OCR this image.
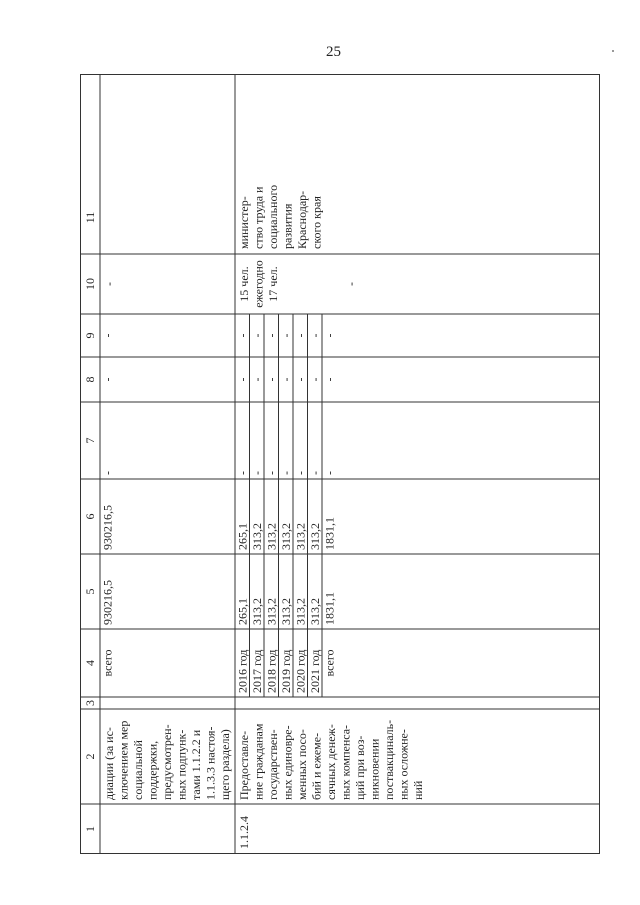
25
1
2
3
4
5
6
7
8
9
10
11
диации (за ис- ключением мер социальной поддержки, предусмотрен- ных подпунк- тами 1.1.2.2 и 1.1.3.3 настоя- щего раздела)
всего
930216,5
930216,5
-
-
-
-
1.1.2.4
Предоставле- ние гражданам государствен- ных единовре- менных посо- бий и ежеме- сячных денеж- ных компенса- ций при воз- никновении поствакциналь- ных осложне- ний
2016 год 2017 год 2018 год 2019 год 2020 год 2021 год всего
265,1 313,2 313,2 313,2 313,2 313,2 1831,1
265,1 313,2 313,2 313,2 313,2 313,2 1831,1
- - - - - - -
- - - - - - -
- - - - - - -
15 чел. ежегодно 17 чел.	-
министер- ство труда и социального развития Краснодар- ского края
